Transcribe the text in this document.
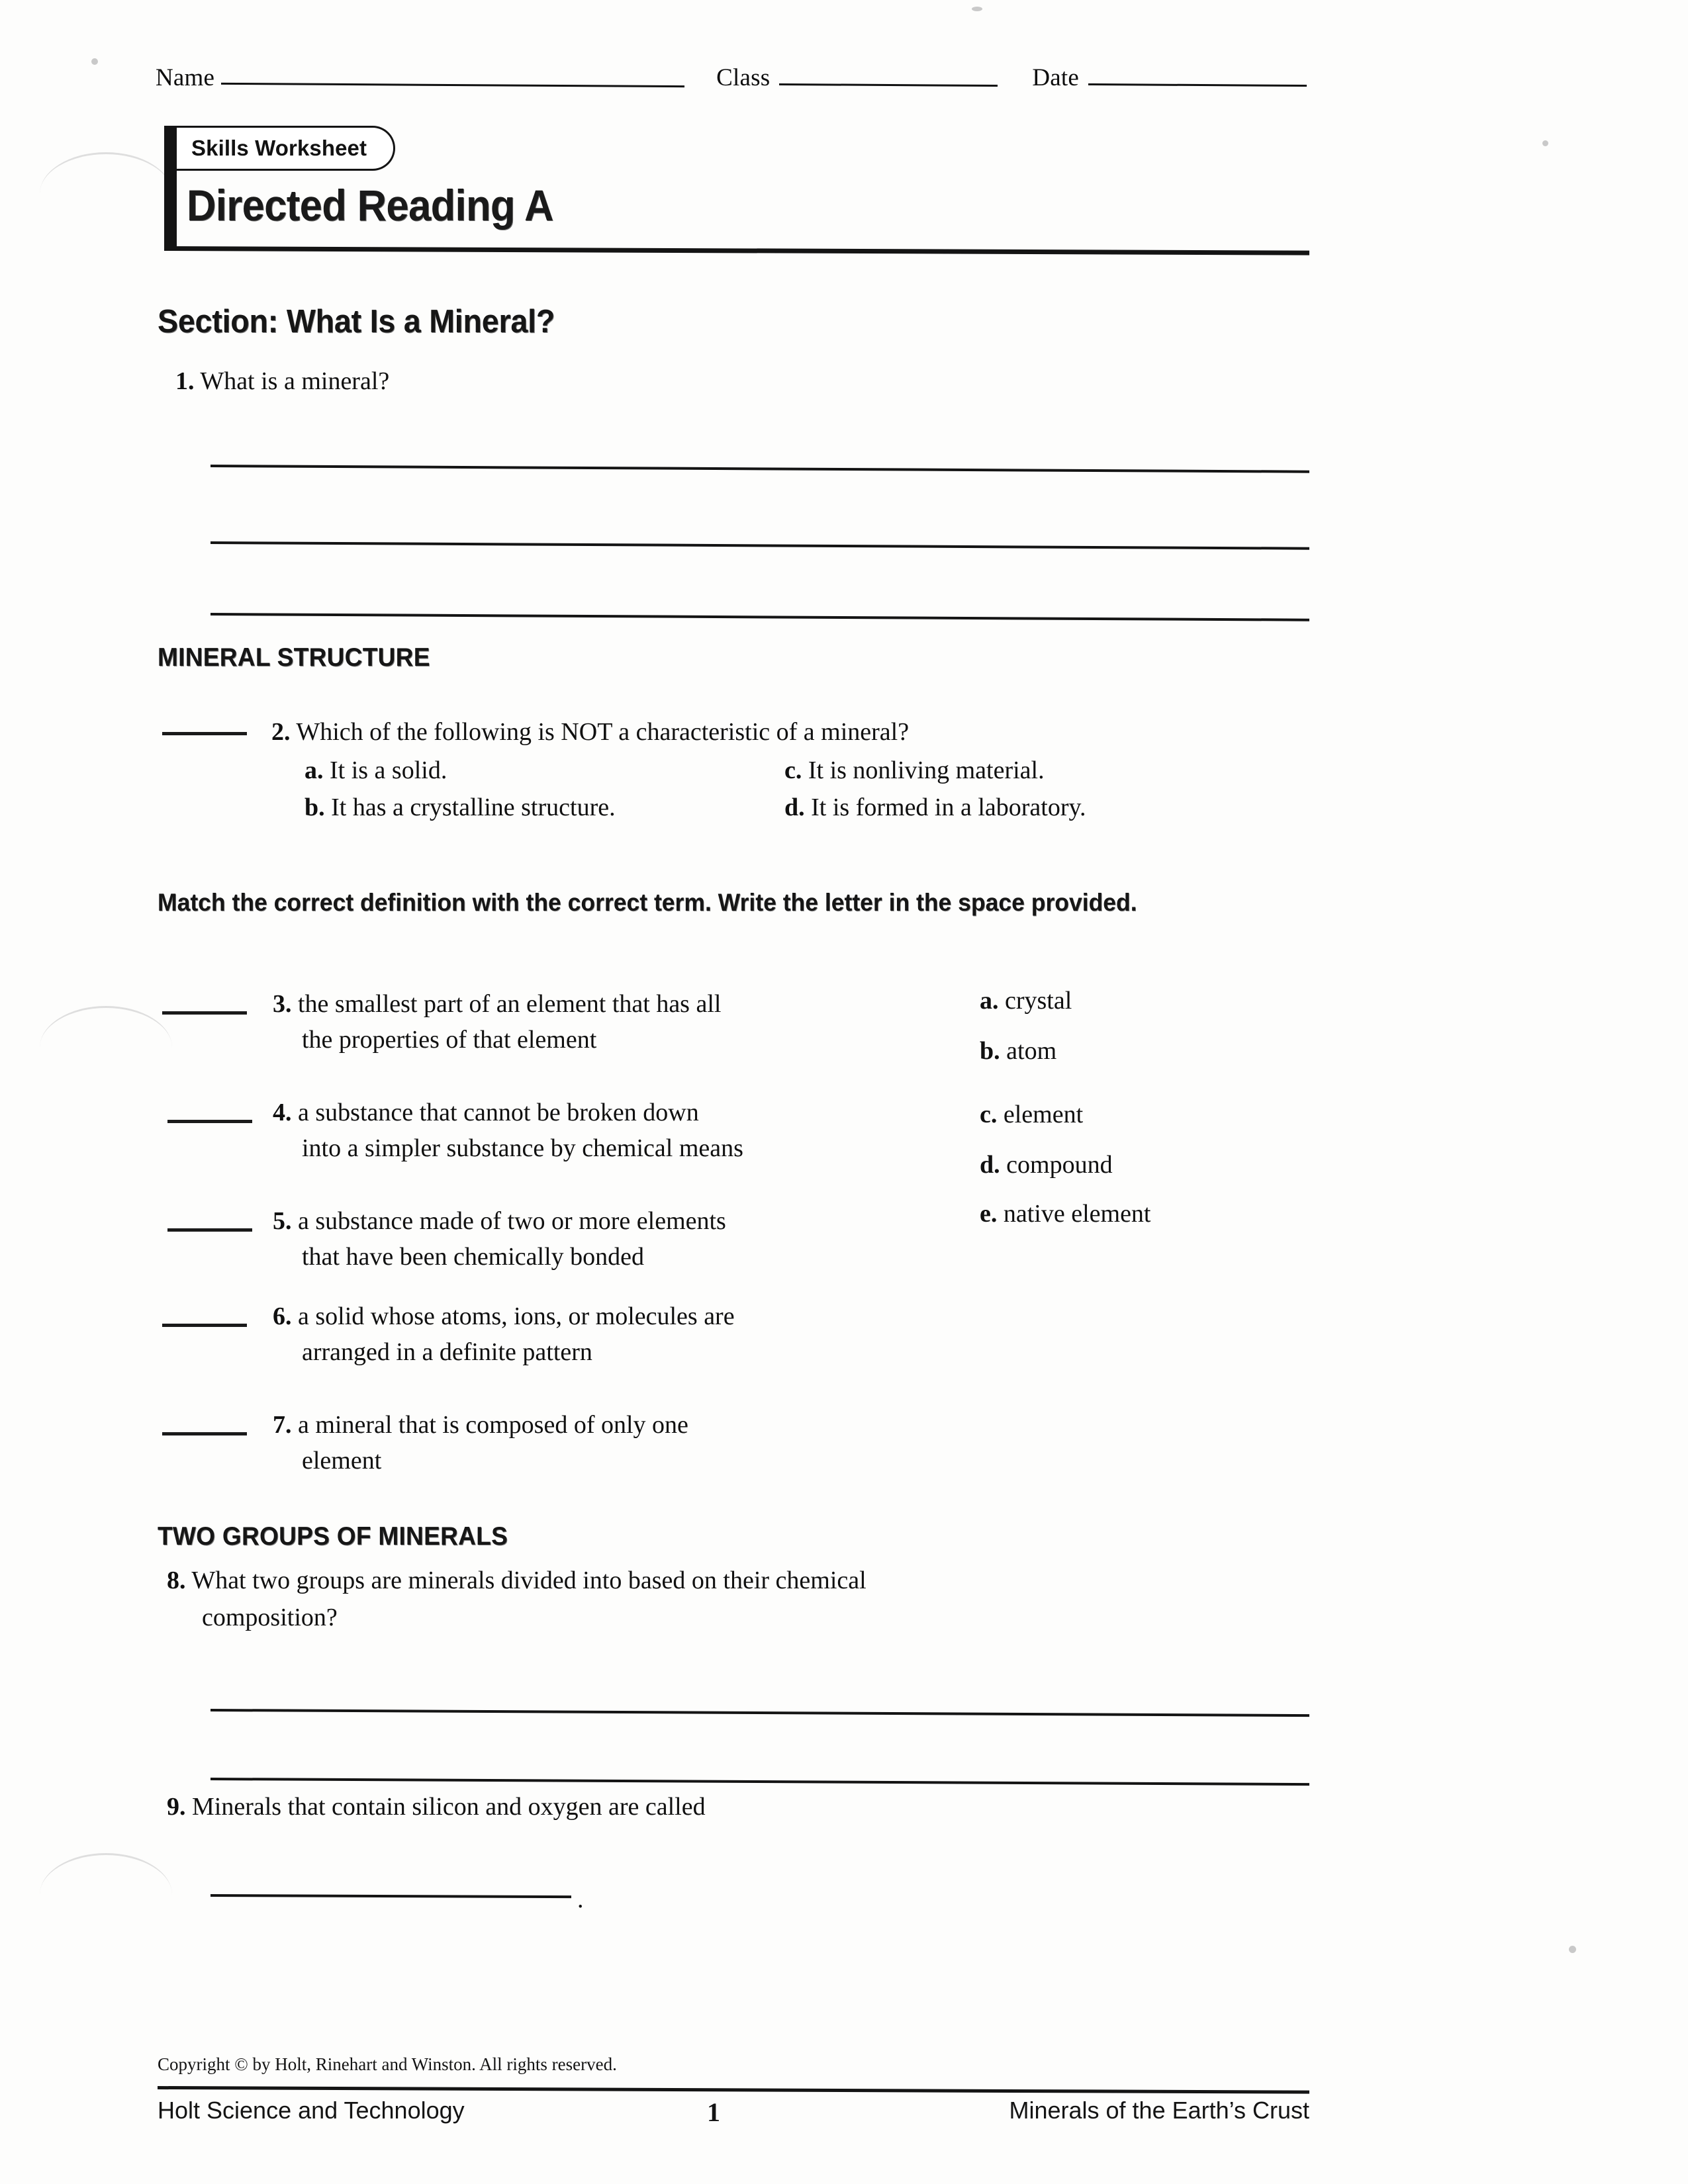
Name	Class	Date
Skills Worksheet
Directed Reading A
Section: What Is a Mineral?
1. What is a mineral?
MINERAL STRUCTURE
2. Which of the following is NOT a characteristic of a mineral?
a. It is a solid.
b. It has a crystalline structure.
c. It is nonliving material.
d. It is formed in a laboratory.
Match the correct definition with the correct term. Write the letter in the space provided.
3. the smallest part of an element that has all
the properties of that element
4. a substance that cannot be broken down
into a simpler substance by chemical means
5. a substance made of two or more elements
that have been chemically bonded
6. a solid whose atoms, ions, or molecules are
arranged in a definite pattern
7. a mineral that is composed of only one
element
a. crystal
b. atom
c. element
d. compound
e. native element
TWO GROUPS OF MINERALS
8. What two groups are minerals divided into based on their chemical
composition?
9. Minerals that contain silicon and oxygen are called
.
Copyright © by Holt, Rinehart and Winston. All rights reserved.
Holt Science and Technology	1	Minerals of the Earth’s Crust
